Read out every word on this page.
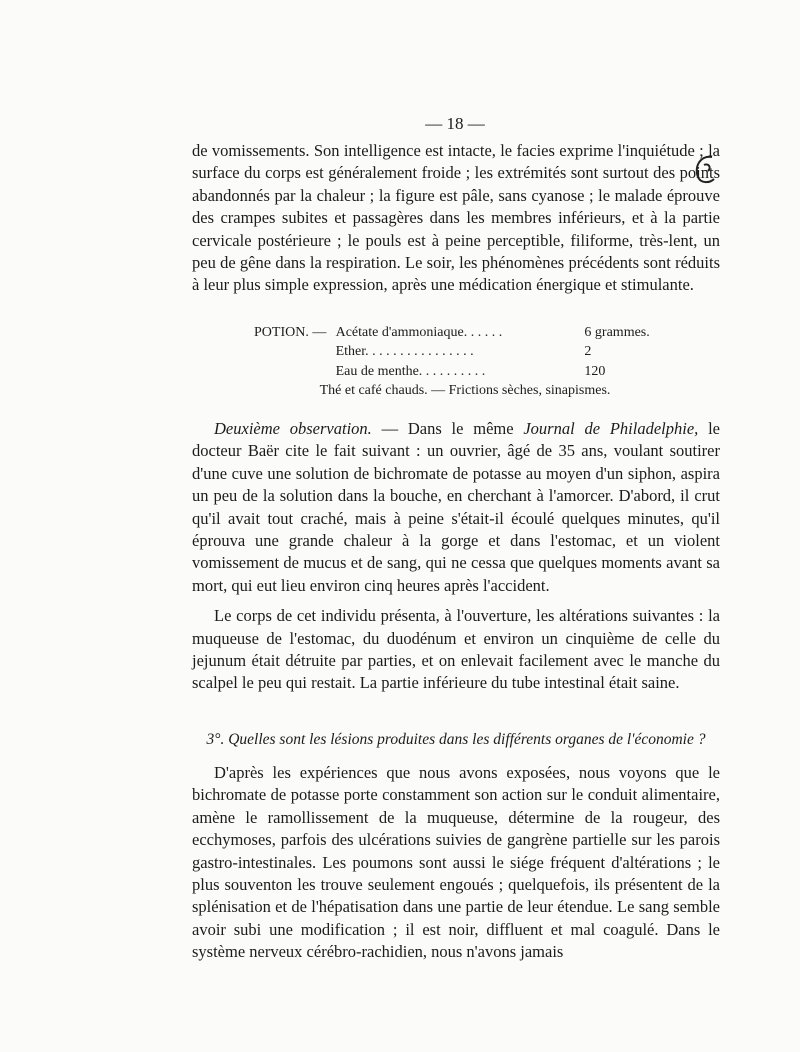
— 18 —

de vomissements. Son intelligence est intacte, le facies exprime l'inquiétude ; la surface du corps est généralement froide ; les extrémités sont surtout des points abandonnés par la chaleur ; la figure est pâle, sans cyanose ; le malade éprouve des crampes subites et passagères dans les membres inférieurs, et à la partie cervicale postérieure ; le pouls est à peine perceptible, filiforme, très-lent, un peu de gêne dans la respiration. Le soir, les phénomènes précédents sont réduits à leur plus simple expression, après une médication énergique et stimulante.

POTION. — Acétate d'ammoniaque. . . . . .	6 grammes.
Ether. . . . . . . . . . . . . . . .	2
Eau de menthe. . . . . . . . . .	120
Thé et café chauds. — Frictions sèches, sinapismes.

Deuxième observation. — Dans le même Journal de Philadelphie, le docteur Baër cite le fait suivant : un ouvrier, âgé de 35 ans, voulant soutirer d'une cuve une solution de bichromate de potasse au moyen d'un siphon, aspira un peu de la solution dans la bouche, en cherchant à l'amorcer. D'abord, il crut qu'il avait tout craché, mais à peine s'était-il écoulé quelques minutes, qu'il éprouva une grande chaleur à la gorge et dans l'estomac, et un violent vomissement de mucus et de sang, qui ne cessa que quelques moments avant sa mort, qui eut lieu environ cinq heures après l'accident.

Le corps de cet individu présenta, à l'ouverture, les altérations suivantes : la muqueuse de l'estomac, du duodénum et environ un cinquième de celle du jejunum était détruite par parties, et on enlevait facilement avec le manche du scalpel le peu qui restait. La partie inférieure du tube intestinal était saine.

3°. Quelles sont les lésions produites dans les différents organes de l'économie ?

D'après les expériences que nous avons exposées, nous voyons que le bichromate de potasse porte constamment son action sur le conduit alimentaire, amène le ramollissement de la muqueuse, détermine de la rougeur, des ecchymoses, parfois des ulcérations suivies de gangrène partielle sur les parois gastro-intestinales. Les poumons sont aussi le siége fréquent d'altérations ; le plus souventon les trouve seulement engoués ; quelquefois, ils présentent de la splénisation et de l'hépatisation dans une partie de leur étendue. Le sang semble avoir subi une modification ; il est noir, diffluent et mal coagulé. Dans le système nerveux cérébro-rachidien, nous n'avons jamais
